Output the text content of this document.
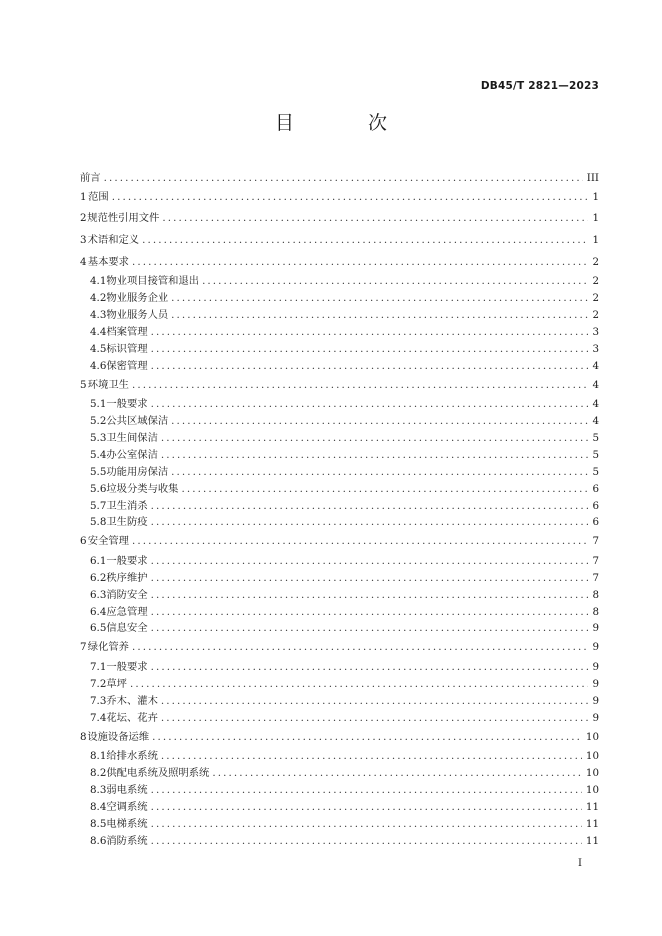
DB45/T 2821—2023
目 次
前言 .....	III
1 范围 .....	1
2 规范性引用文件 .....	1
3 术语和定义 .....	1
4 基本要求 .....	2
4.1 物业项目接管和退出 .....	2
4.2 物业服务企业 .....	2
4.3 物业服务人员 .....	2
4.4 档案管理 .....	3
4.5 标识管理 .....	3
4.6 保密管理 .....	4
5 环境卫生 .....	4
5.1 一般要求 .....	4
5.2 公共区域保洁 .....	4
5.3 卫生间保洁 .....	5
5.4 办公室保洁 .....	5
5.5 功能用房保洁 .....	5
5.6 垃圾分类与收集 .....	6
5.7 卫生消杀 .....	6
5.8 卫生防疫 .....	6
6 安全管理 .....	7
6.1 一般要求 .....	7
6.2 秩序维护 .....	7
6.3 消防安全 .....	8
6.4 应急管理 .....	8
6.5 信息安全 .....	9
7 绿化管养 .....	9
7.1 一般要求 .....	9
7.2 草坪 .....	9
7.3 乔木、灌木 .....	9
7.4 花坛、花卉 .....	9
8 设施设备运维 .....	10
8.1 给排水系统 .....	10
8.2 供配电系统及照明系统 .....	10
8.3 弱电系统 .....	10
8.4 空调系统 .....	11
8.5 电梯系统 .....	11
8.6 消防系统 .....	11
I
